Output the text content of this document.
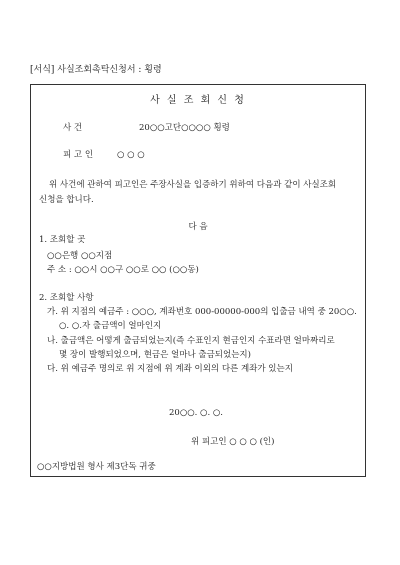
[서식] 사실조회촉탁신청서 : 횡령
사 실 조 회 신 청
사 건	20○○고단○○○○ 횡령
피 고 인	○ ○ ○
위 사건에 관하여 피고인은 주장사실을 입증하기 위하여 다음과 같이 사실조회
신청을 합니다.
다 음
1. 조회할 곳
○○은행 ○○지점
주 소 : ○○시 ○○구 ○○로 ○○ (○○동)
2. 조회할 사항
가. 위 지점의 예금주 : ○○○, 계좌번호 000-00000-000의 입출금 내역 중 20○○.
○. ○.자 출금액이 얼마인지
나. 출금액은 어떻게 출금되었는지(즉 수표인지 현금인지 수표라면 얼마짜리로
몇 장이 발행되었으며, 현금은 얼마나 출금되었는지)
다. 위 예금주 명의로 위 지점에 위 계좌 이외의 다른 계좌가 있는지
20○○. ○. ○.
위 피고인 ○ ○ ○ (인)
○○지방법원 형사 제3단독 귀중
